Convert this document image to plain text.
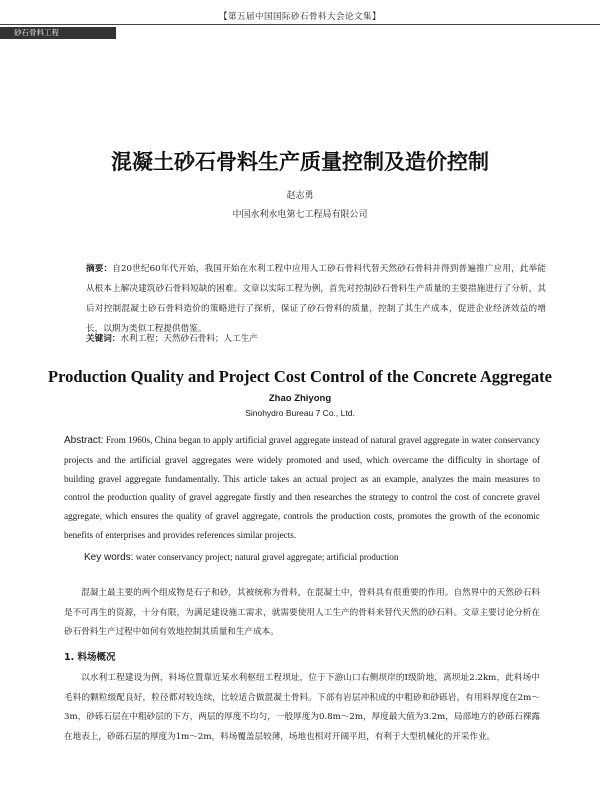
【第五届中国国际砂石骨料大会论文集】
砂石骨料工程
混凝土砂石骨料生产质量控制及造价控制
赵志勇
中国水利水电第七工程局有限公司

摘要：自20世纪60年代开始，我国开始在水利工程中应用人工砂石骨料代替天然砂石骨料并得到普遍推广应用，此举能从根本上解决建筑砂石骨料短缺的困难。文章以实际工程为例，首先对控制砂石骨料生产质量的主要措施进行了分析，其后对控制混凝土砂石骨料造价的策略进行了探析，保证了砂石骨料的质量，控制了其生产成本，促进企业经济效益的增长，以期为类似工程提供借鉴。

关键词：水利工程；天然砂石骨料；人工生产

Production Quality and Project Cost Control of the Concrete Aggregate
Zhao Zhiyong
Sinohydro Bureau 7 Co., Ltd.

Abstract: From 1960s, China began to apply artificial gravel aggregate instead of natural gravel aggregate in water conservancy projects and the artificial gravel aggregates were widely promoted and used, which overcame the difficulty in shortage of building gravel aggregate fundamentally. This article takes an actual project as an example, analyzes the main measures to control the production quality of gravel aggregate firstly and then researches the strategy to control the cost of concrete gravel aggregate, which ensures the quality of gravel aggregate, controls the production costs, promotes the growth of the economic benefits of enterprises and provides references similar projects.

Key words: water conservancy project; natural gravel aggregate; artificial production

混凝土最主要的两个组成物是石子和砂，其被统称为骨料，在混凝土中，骨料具有很重要的作用。自然界中的天然砂石料是不可再生的资源，十分有限，为满足建设施工需求，就需要使用人工生产的骨料来替代天然的砂石料。文章主要讨论分析在砂石骨料生产过程中如何有效地控制其质量和生产成本。

1. 料场概况

以水利工程建设为例，料场位置靠近某水利枢纽工程坝址，位于下游山口右侧坝岸的Ⅰ级阶地，离坝址2.2km，此料场中毛料的颗粒级配良好，粒径都对较连续，比较适合做混凝土骨料。下部有岩层冲积成的中粗砂和砂砾岩，有用料厚度在2m～3m，砂砾石层在中粗砂层的下方，两层的厚度不均匀，一般厚度为0.8m～2m，厚度最大值为3.2m，局部地方的砂砾石裸露在地表上，砂砾石层的厚度为1m～2m，料场覆盖层较薄，场地也相对开阔平坦，有利于大型机械化的开采作业。
